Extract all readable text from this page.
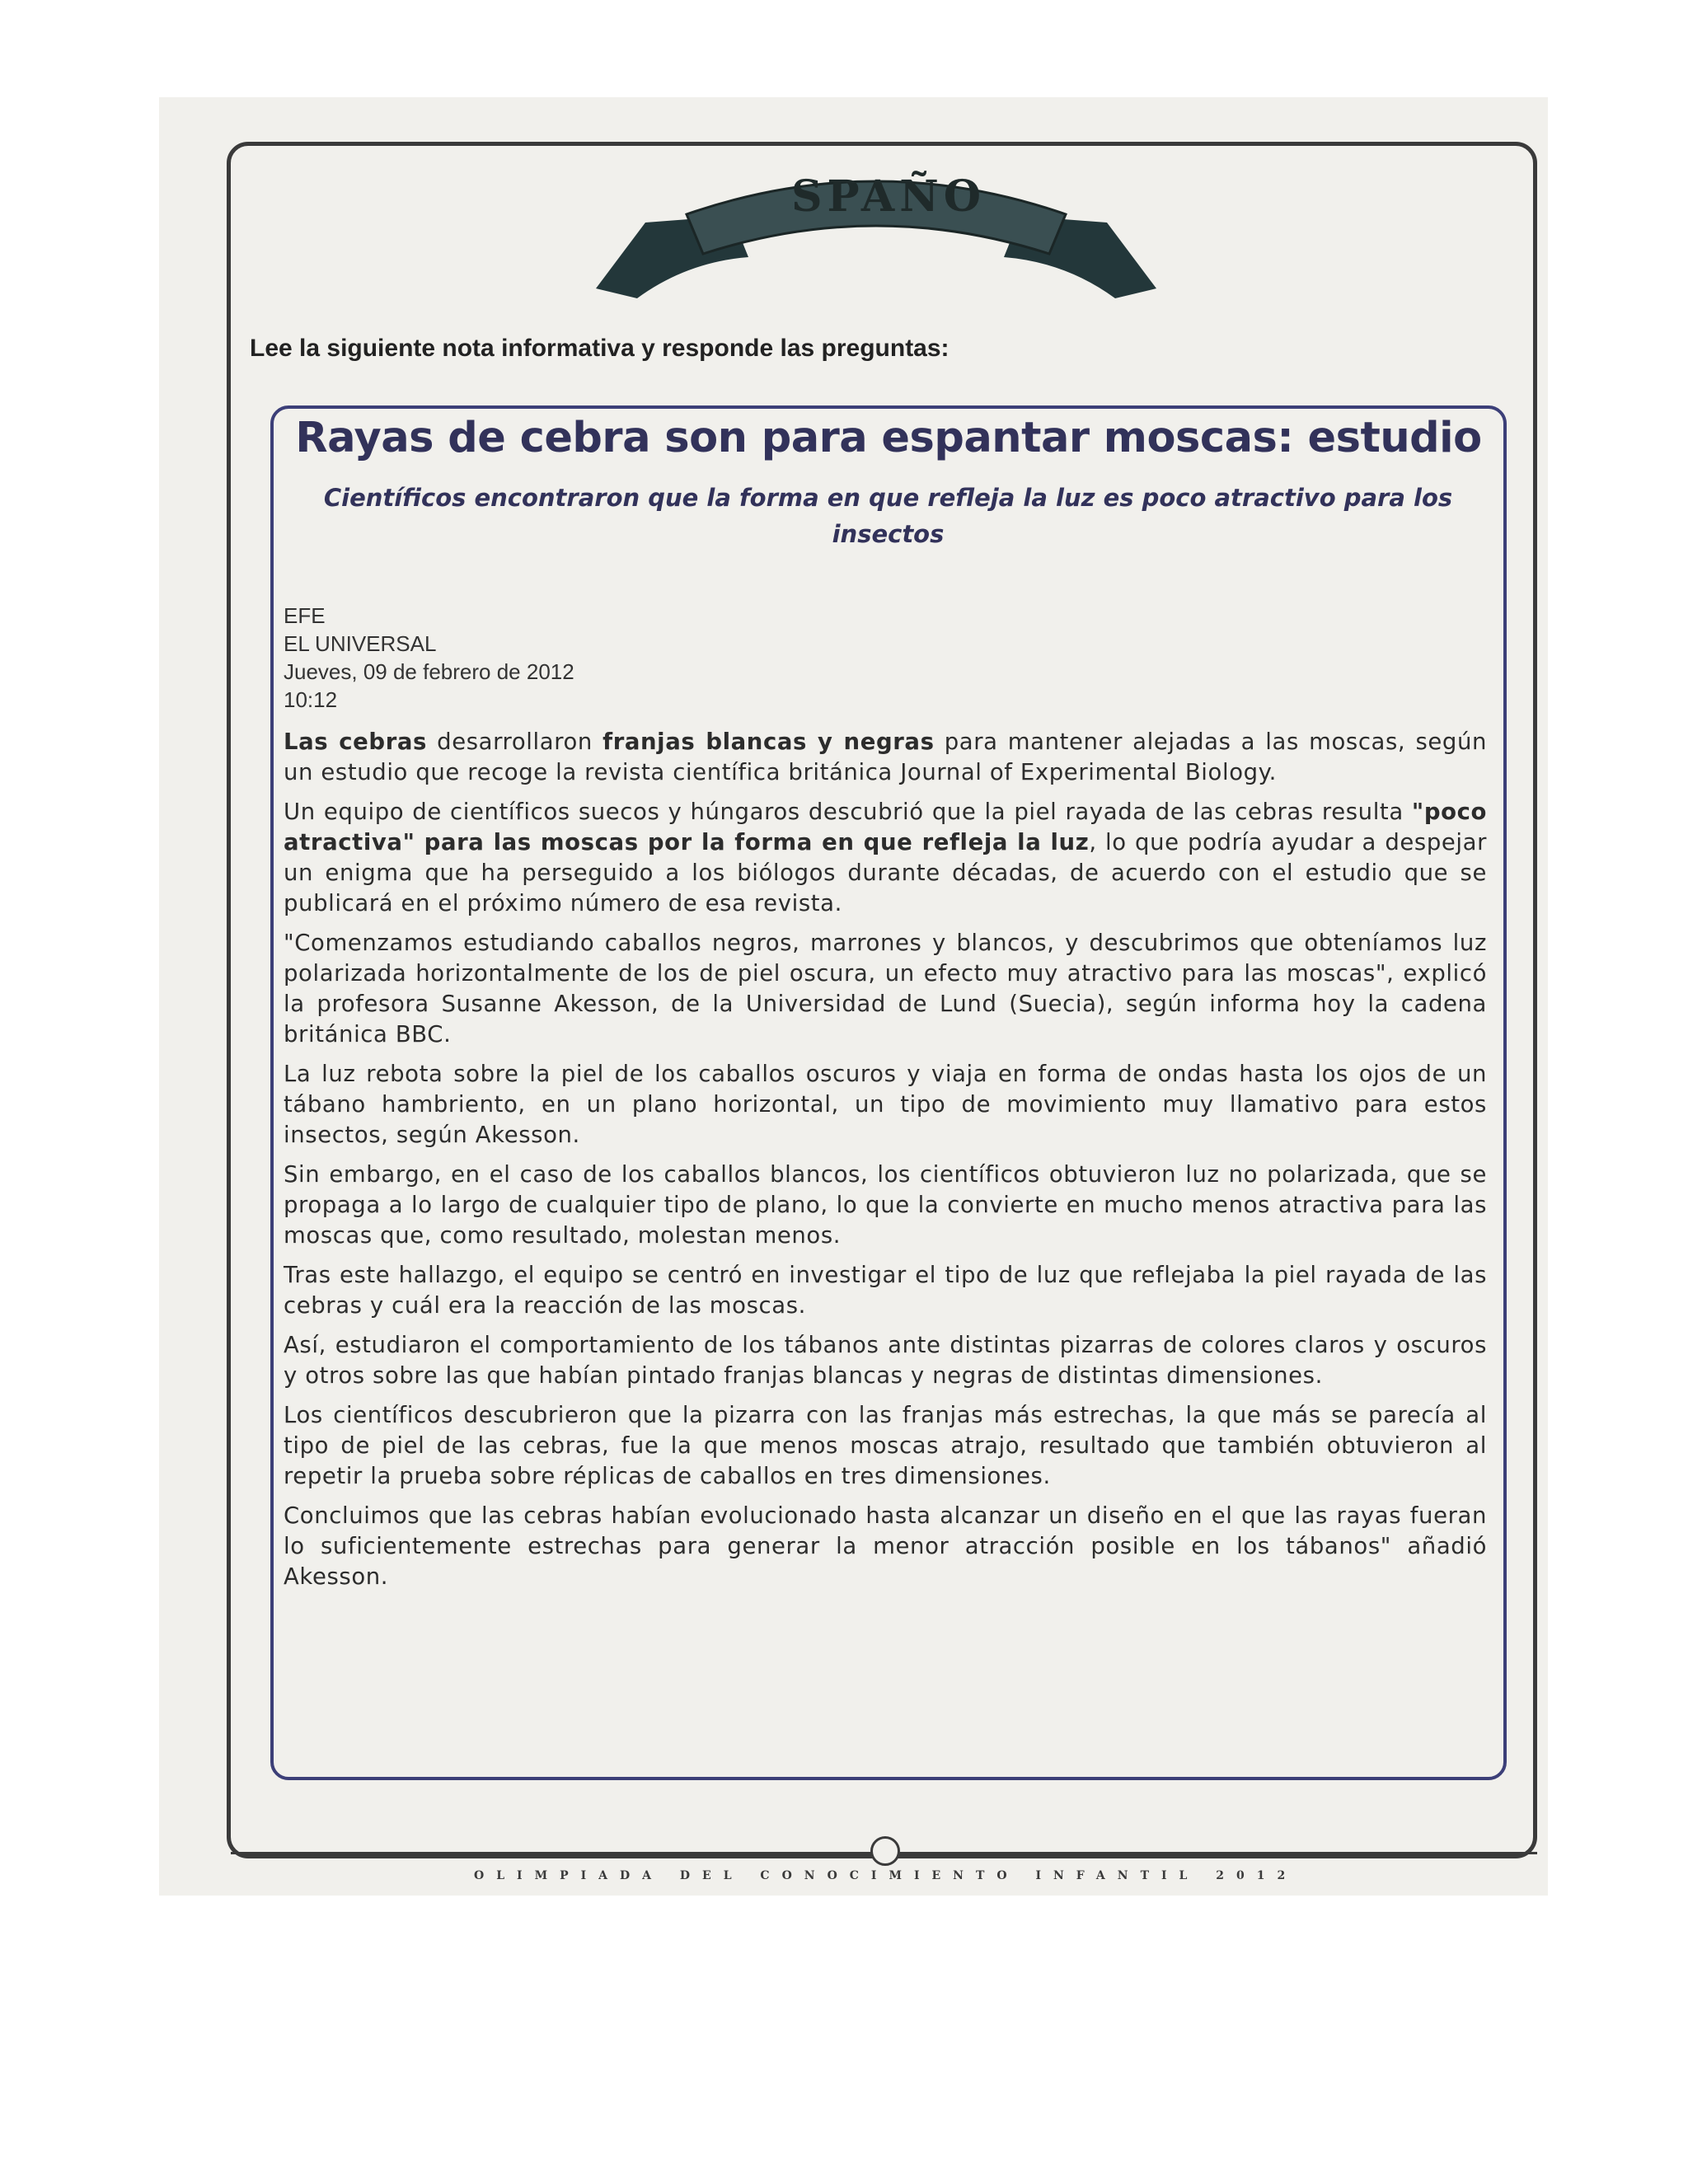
SPAÑO
Lee la siguiente nota informativa y responde las preguntas:
Rayas de cebra son para espantar moscas: estudio
Científicos encontraron que la forma en que refleja la luz es poco atractivo para los insectos
EFE
EL UNIVERSAL
Jueves, 09 de febrero de 2012
10:12

Las cebras desarrollaron franjas blancas y negras para mantener alejadas a las moscas, según un estudio que recoge la revista científica británica Journal of Experimental Biology.

Un equipo de científicos suecos y húngaros descubrió que la piel rayada de las cebras resulta "poco atractiva" para las moscas por la forma en que refleja la luz, lo que podría ayudar a despejar un enigma que ha perseguido a los biólogos durante décadas, de acuerdo con el estudio que se publicará en el próximo número de esa revista.

"Comenzamos estudiando caballos negros, marrones y blancos, y descubrimos que obteníamos luz polarizada horizontalmente de los de piel oscura, un efecto muy atractivo para las moscas", explicó la profesora Susanne Akesson, de la Universidad de Lund (Suecia), según informa hoy la cadena británica BBC.

La luz rebota sobre la piel de los caballos oscuros y viaja en forma de ondas hasta los ojos de un tábano hambriento, en un plano horizontal, un tipo de movimiento muy llamativo para estos insectos, según Akesson.

Sin embargo, en el caso de los caballos blancos, los científicos obtuvieron luz no polarizada, que se propaga a lo largo de cualquier tipo de plano, lo que la convierte en mucho menos atractiva para las moscas que, como resultado, molestan menos.

Tras este hallazgo, el equipo se centró en investigar el tipo de luz que reflejaba la piel rayada de las cebras y cuál era la reacción de las moscas.

Así, estudiaron el comportamiento de los tábanos ante distintas pizarras de colores claros y oscuros y otros sobre las que habían pintado franjas blancas y negras de distintas dimensiones.

Los científicos descubrieron que la pizarra con las franjas más estrechas, la que más se parecía al tipo de piel de las cebras, fue la que menos moscas atrajo, resultado que también obtuvieron al repetir la prueba sobre réplicas de caballos en tres dimensiones.

Concluimos que las cebras habían evolucionado hasta alcanzar un diseño en el que las rayas fueran lo suficientemente estrechas para generar la menor atracción posible en los tábanos" añadió Akesson.

OLIMPIADA DEL CONOCIMIENTO INFANTIL 2012
